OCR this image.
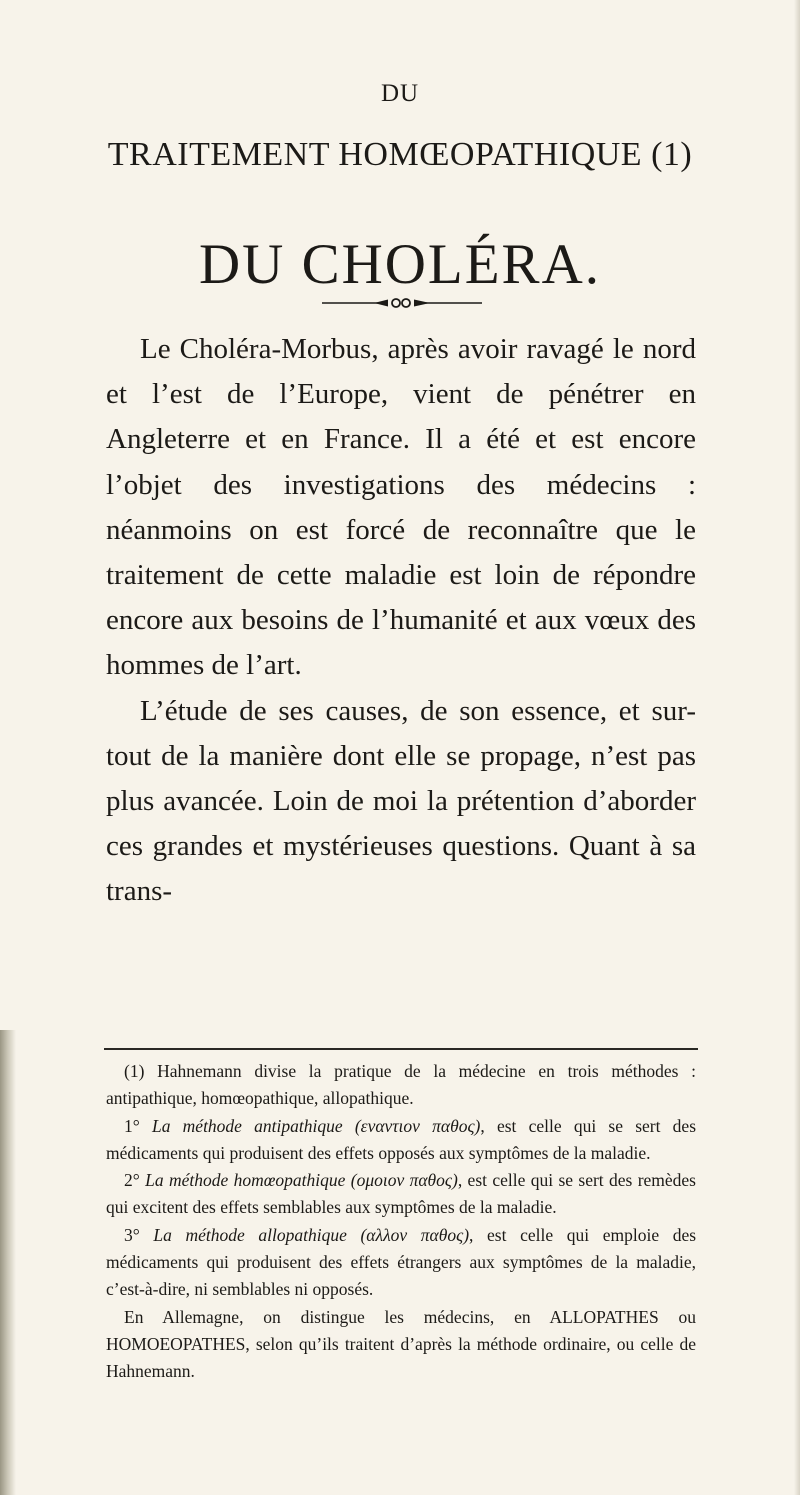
DU
TRAITEMENT HOMŒOPATHIQUE (1)
DU CHOLÉRA.

Le Choléra-Morbus, après avoir ravagé le nord et l’est de l’Europe, vient de pénétrer en Angleterre et en France. Il a été et est encore l’objet des investigations des médecins : néanmoins on est forcé de reconnaître que le traitement de cette maladie est loin de répondre encore aux besoins de l’humanité et aux vœux des hommes de l’art.

L’étude de ses causes, de son essence, et sur-tout de la manière dont elle se propage, n’est pas plus avancée. Loin de moi la prétention d’aborder ces grandes et mystérieuses questions. Quant à sa trans-

(1) Hahnemann divise la pratique de la médecine en trois méthodes : antipathique, homœopathique, allopathique.

1° La méthode antipathique (εναντιον παθος), est celle qui se sert des médicaments qui produisent des effets opposés aux symptômes de la maladie.

2° La méthode homœopathique (ομοιον παθος), est celle qui se sert des remèdes qui excitent des effets semblables aux symptômes de la maladie.

3° La méthode allopathique (αλλον παθος), est celle qui emploie des médicaments qui produisent des effets étrangers aux symptômes de la maladie, c’est-à-dire, ni semblables ni opposés.

En Allemagne, on distingue les médecins, en ALLOPATHES ou HOMOEOPATHES, selon qu’ils traitent d’après la méthode ordinaire, ou celle de Hahnemann.
